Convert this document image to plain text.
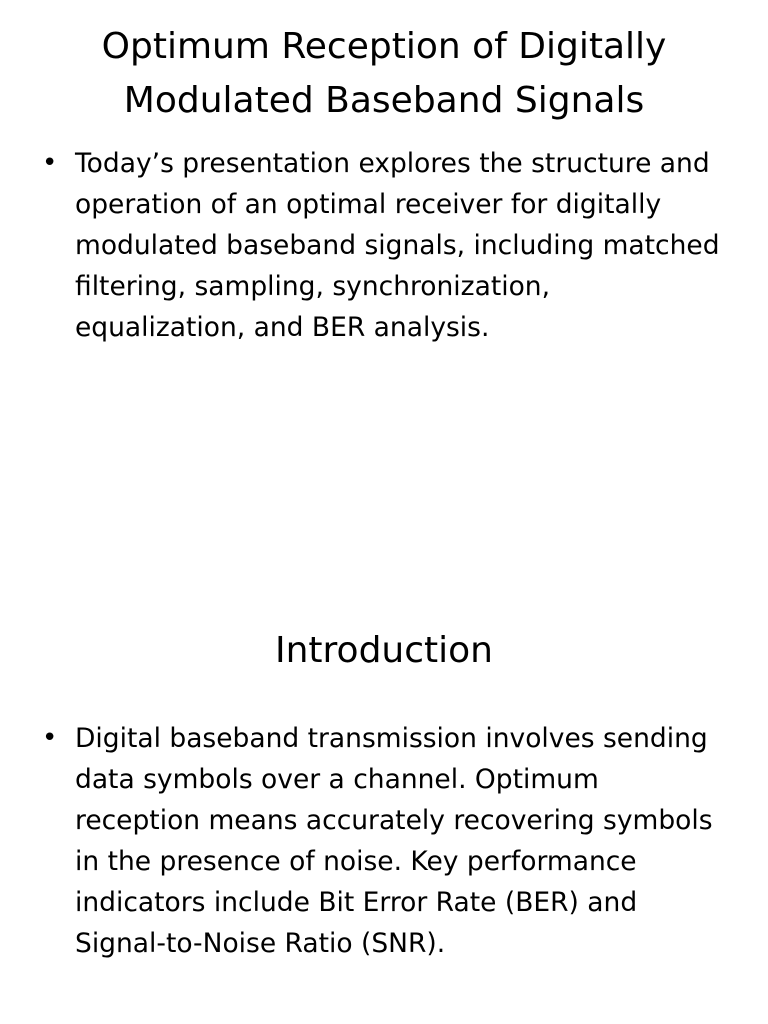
Optimum Reception of Digitally Modulated Baseband Signals
• Today’s presentation explores the structure and operation of an optimal receiver for digitally modulated baseband signals, including matched filtering, sampling, synchronization, equalization, and BER analysis.
Introduction
• Digital baseband transmission involves sending data symbols over a channel. Optimum reception means accurately recovering symbols in the presence of noise. Key performance indicators include Bit Error Rate (BER) and Signal-to-Noise Ratio (SNR).
